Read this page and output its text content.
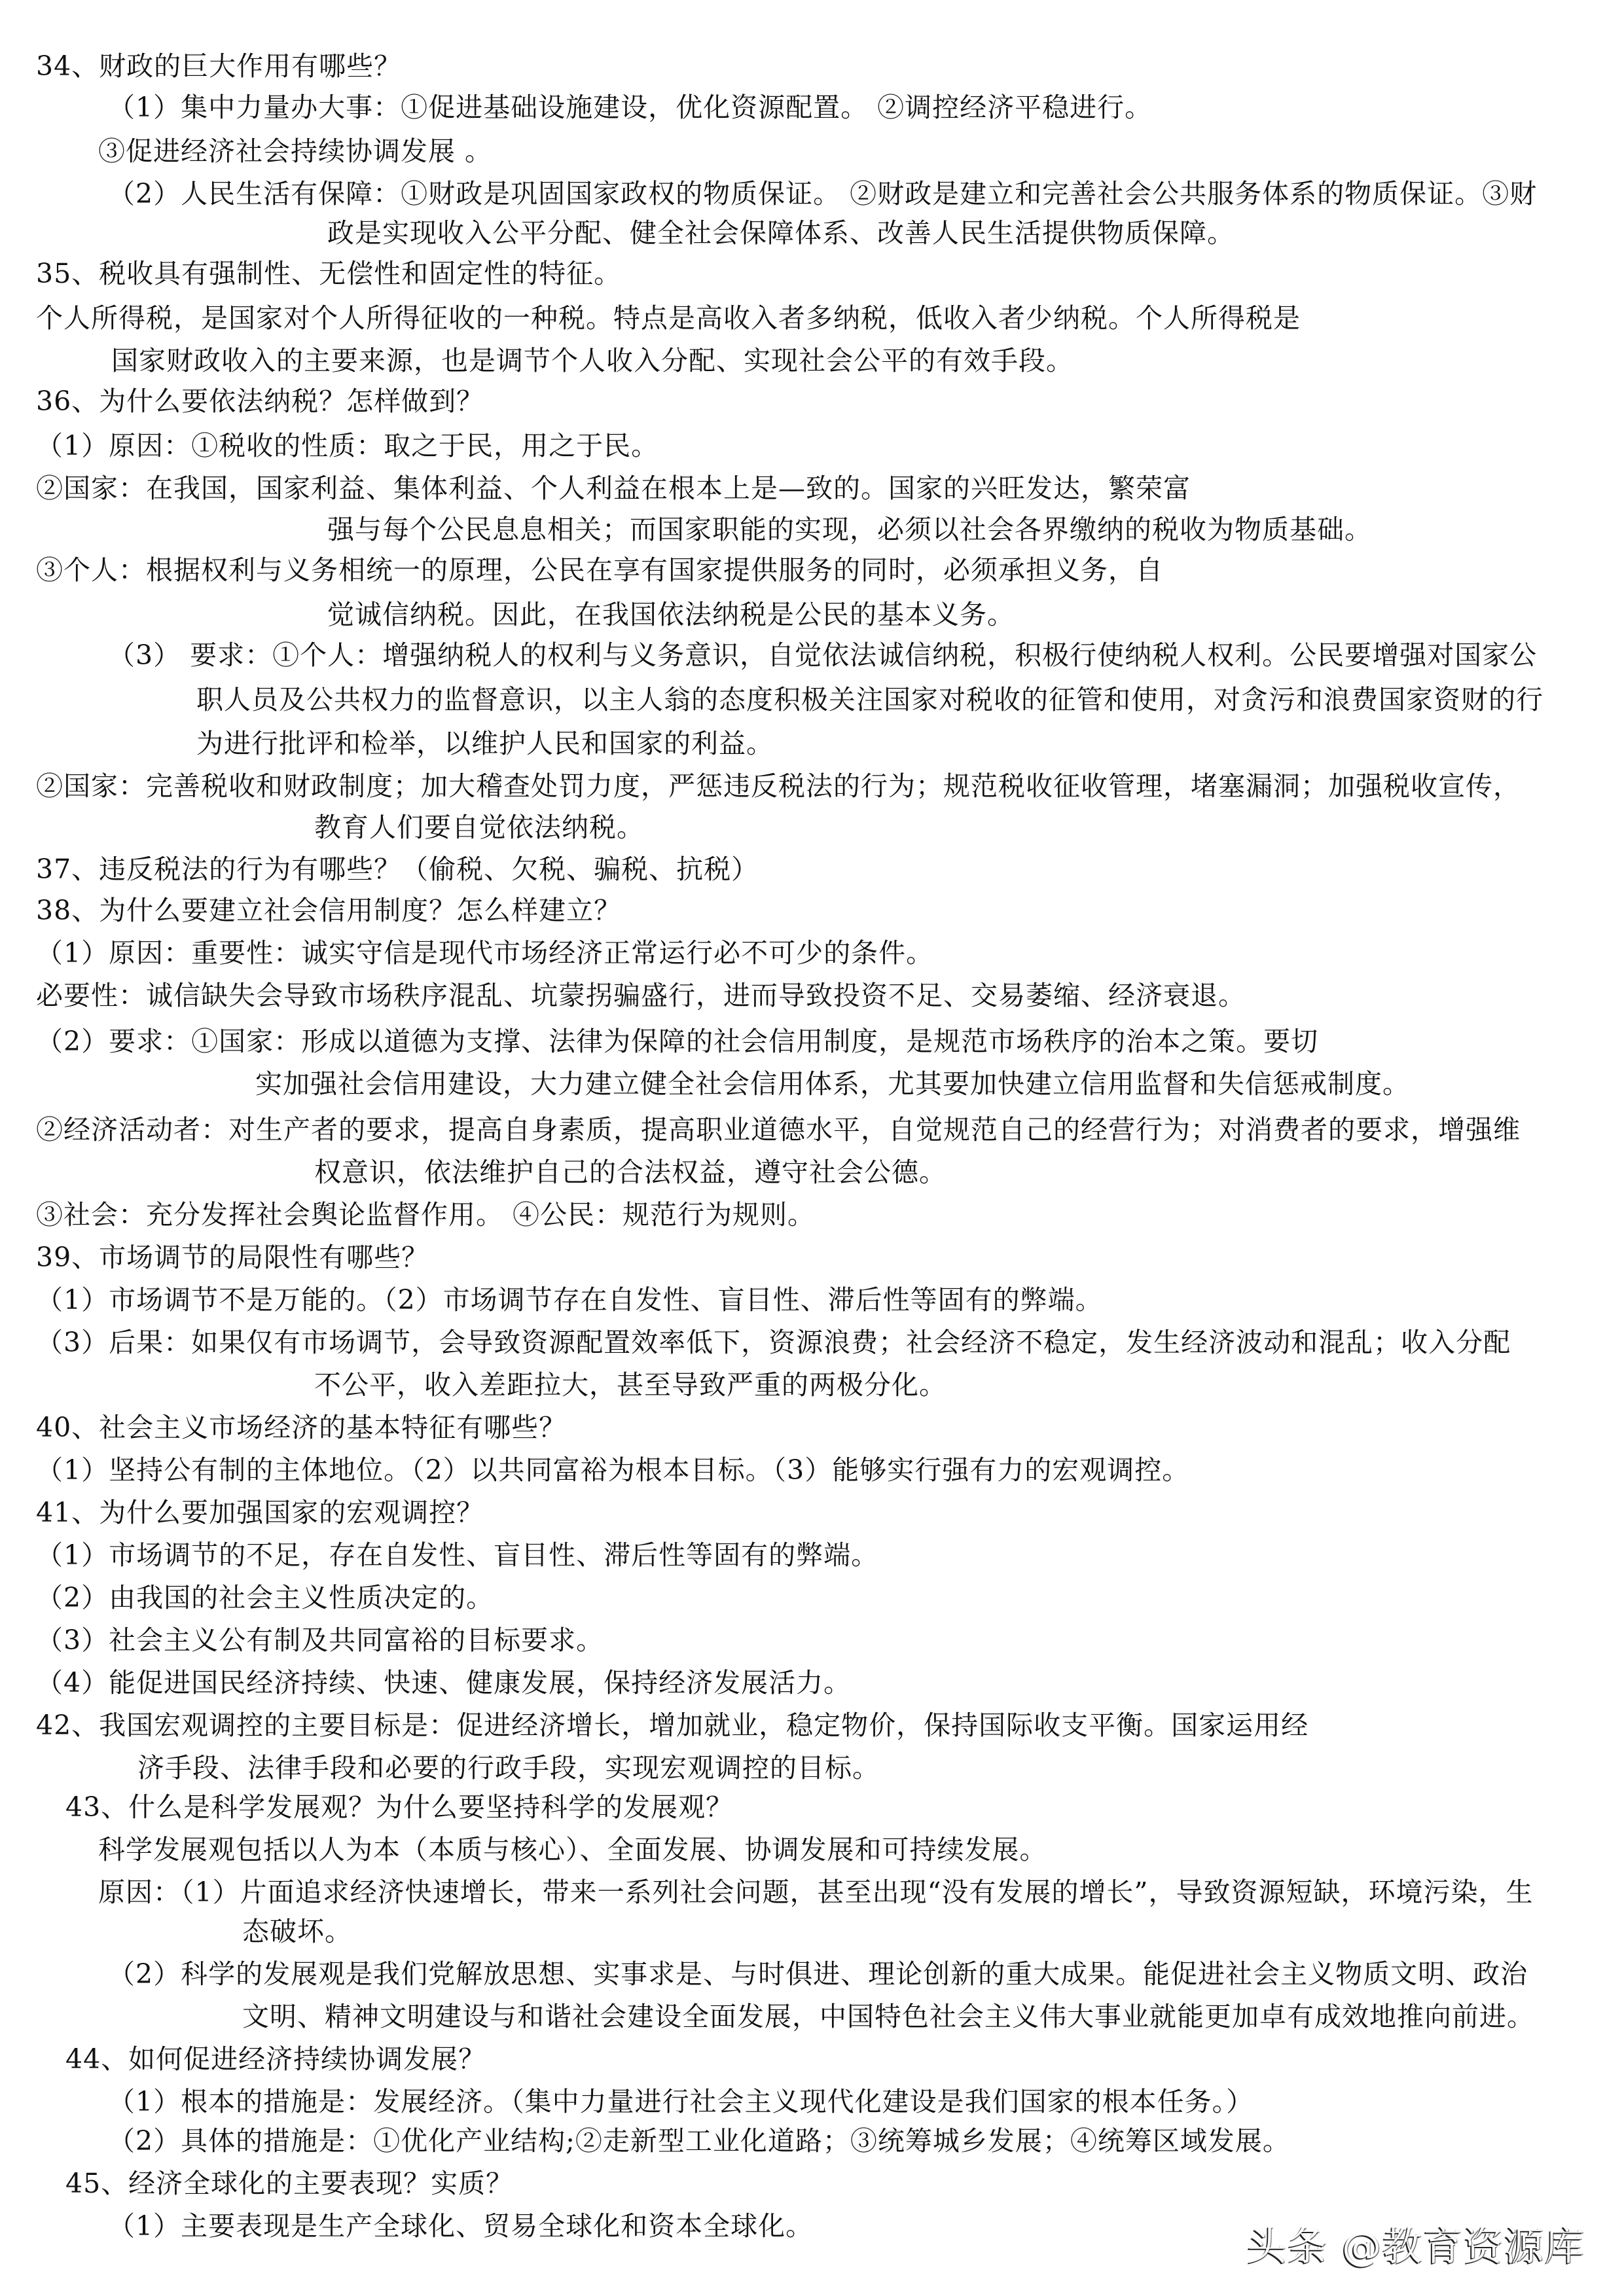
34、财政的巨大作用有哪些？
（1）集中力量办大事：①促进基础设施建设，优化资源配置。 ②调控经济平稳进行。
③促进经济社会持续协调发展 。
（2）人民生活有保障：①财政是巩固国家政权的物质保证。 ②财政是建立和完善社会公共服务体系的物质保证。③财
政是实现收入公平分配、健全社会保障体系、改善人民生活提供物质保障。
35、税收具有强制性、无偿性和固定性的特征。
个人所得税，是国家对个人所得征收的一种税。特点是高收入者多纳税，低收入者少纳税。个人所得税是
国家财政收入的主要来源，也是调节个人收入分配、实现社会公平的有效手段。
36、为什么要依法纳税？怎样做到？
（1）原因：①税收的性质：取之于民，用之于民。
②国家：在我国，国家利益、集体利益、个人利益在根本上是—致的。国家的兴旺发达，繁荣富
强与每个公民息息相关；而国家职能的实现，必须以社会各界缴纳的税收为物质基础。
③个人：根据权利与义务相统一的原理，公民在享有国家提供服务的同时，必须承担义务，自
觉诚信纳税。因此，在我国依法纳税是公民的基本义务。
（3） 要求：①个人：增强纳税人的权利与义务意识，自觉依法诚信纳税，积极行使纳税人权利。公民要增强对国家公
职人员及公共权力的监督意识，以主人翁的态度积极关注国家对税收的征管和使用，对贪污和浪费国家资财的行
为进行批评和检举，以维护人民和国家的利益。
②国家：完善税收和财政制度；加大稽查处罚力度，严惩违反税法的行为；规范税收征收管理，堵塞漏洞；加强税收宣传，
教育人们要自觉依法纳税。
37、违反税法的行为有哪些？（偷税、欠税、骗税、抗税）
38、为什么要建立社会信用制度？怎么样建立？
（1）原因：重要性：诚实守信是现代市场经济正常运行必不可少的条件。
必要性：诚信缺失会导致市场秩序混乱、坑蒙拐骗盛行，进而导致投资不足、交易萎缩、经济衰退。
（2）要求：①国家：形成以道德为支撑、法律为保障的社会信用制度，是规范市场秩序的治本之策。要切
实加强社会信用建设，大力建立健全社会信用体系，尤其要加快建立信用监督和失信惩戒制度。
②经济活动者：对生产者的要求，提高自身素质，提高职业道德水平，自觉规范自己的经营行为；对消费者的要求，增强维
权意识，依法维护自己的合法权益，遵守社会公德。
③社会：充分发挥社会舆论监督作用。 ④公民：规范行为规则。
39、市场调节的局限性有哪些？
（1）市场调节不是万能的。（2）市场调节存在自发性、盲目性、滞后性等固有的弊端。
（3）后果：如果仅有市场调节，会导致资源配置效率低下，资源浪费；社会经济不稳定，发生经济波动和混乱；收入分配
不公平，收入差距拉大，甚至导致严重的两极分化。
40、社会主义市场经济的基本特征有哪些？
（1）坚持公有制的主体地位。（2）以共同富裕为根本目标。（3）能够实行强有力的宏观调控。
41、为什么要加强国家的宏观调控？
（1）市场调节的不足，存在自发性、盲目性、滞后性等固有的弊端。
（2）由我国的社会主义性质决定的。
（3）社会主义公有制及共同富裕的目标要求。
（4）能促进国民经济持续、快速、健康发展，保持经济发展活力。
42、我国宏观调控的主要目标是：促进经济增长，增加就业，稳定物价，保持国际收支平衡。国家运用经
济手段、法律手段和必要的行政手段，实现宏观调控的目标。
43、什么是科学发展观？为什么要坚持科学的发展观？
科学发展观包括以人为本（本质与核心）、全面发展、协调发展和可持续发展。
原因：（1）片面追求经济快速增长，带来一系列社会问题，甚至出现“没有发展的增长”，导致资源短缺，环境污染，生
态破坏。
（2）科学的发展观是我们党解放思想、实事求是、与时俱进、理论创新的重大成果。能促进社会主义物质文明、政治
文明、精神文明建设与和谐社会建设全面发展，中国特色社会主义伟大事业就能更加卓有成效地推向前进。
44、如何促进经济持续协调发展？
（1）根本的措施是：发展经济。（集中力量进行社会主义现代化建设是我们国家的根本任务。）
（2）具体的措施是：①优化产业结构;②走新型工业化道路；③统筹城乡发展；④统筹区域发展。
45、经济全球化的主要表现？实质？
（1）主要表现是生产全球化、贸易全球化和资本全球化。	头条 @教育资源库
